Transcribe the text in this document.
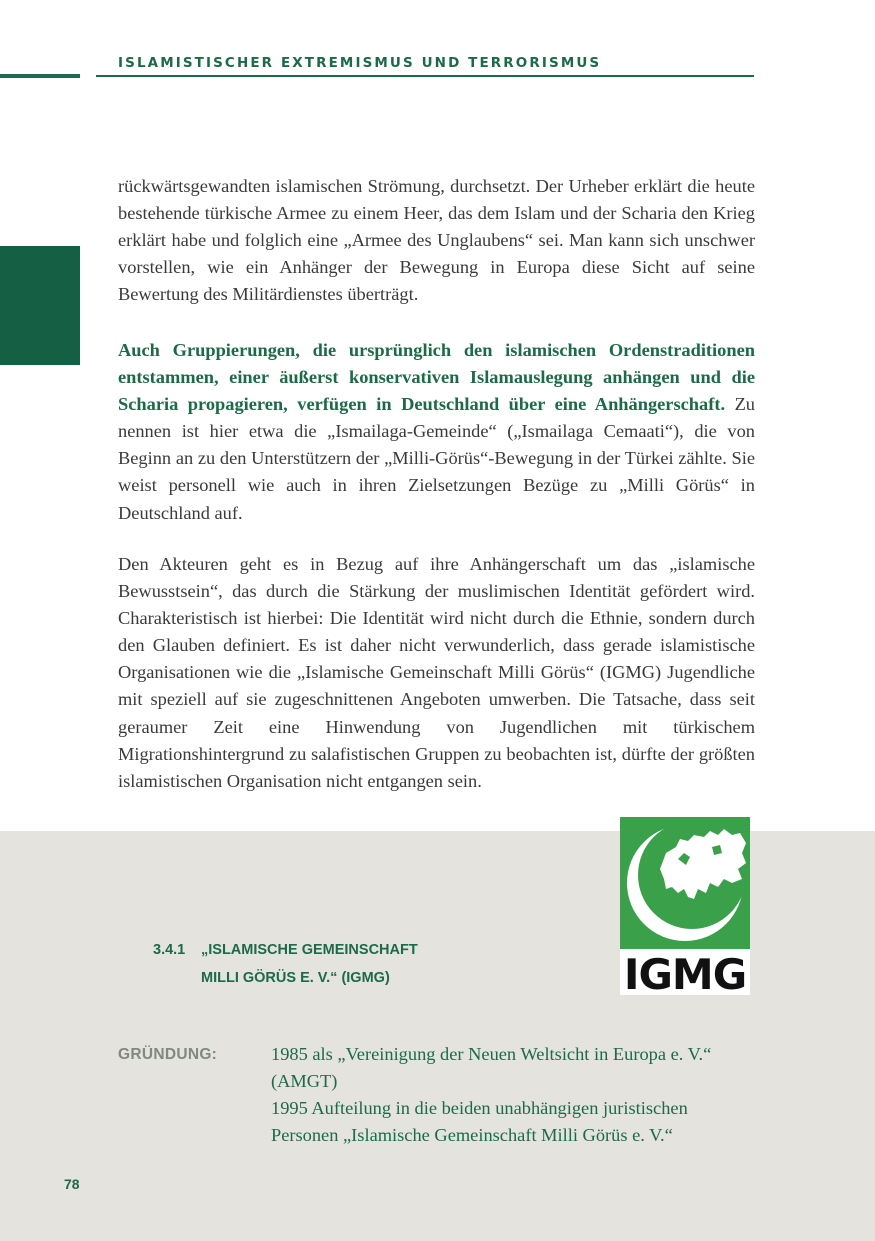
ISLAMISTISCHER EXTREMISMUS UND TERRORISMUS

rückwärtsgewandten islamischen Strömung, durchsetzt. Der Urheber erklärt die heute bestehende türkische Armee zu einem Heer, das dem Islam und der Scharia den Krieg erklärt habe und folglich eine „Armee des Unglaubens“ sei. Man kann sich unschwer vorstellen, wie ein Anhänger der Bewegung in Europa diese Sicht auf seine Bewertung des Militärdienstes überträgt.

Auch Gruppierungen, die ursprünglich den islamischen Ordenstraditionen entstammen, einer äußerst konservativen Islamauslegung anhängen und die Scharia propagieren, verfügen in Deutschland über eine Anhängerschaft. Zu nennen ist hier etwa die „Ismailaga-Gemeinde“ („Ismailaga Cemaati“), die von Beginn an zu den Unterstützern der „Milli-Görüs“-Bewegung in der Türkei zählte. Sie weist personell wie auch in ihren Zielsetzungen Bezüge zu „Milli Görüs“ in Deutschland auf.

Den Akteuren geht es in Bezug auf ihre Anhängerschaft um das „islamische Bewusstsein“, das durch die Stärkung der muslimischen Identität gefördert wird. Charakteristisch ist hierbei: Die Identität wird nicht durch die Ethnie, sondern durch den Glauben definiert. Es ist daher nicht verwunderlich, dass gerade islamistische Organisationen wie die „Islamische Gemeinschaft Milli Görüs“ (IGMG) Jugendliche mit speziell auf sie zugeschnittenen Angeboten umwerben. Die Tatsache, dass seit geraumer Zeit eine Hinwendung von Jugendlichen mit türkischem Migrationshintergrund zu salafistischen Gruppen zu beobachten ist, dürfte der größten islamistischen Organisation nicht entgangen sein.

IGMG
3.4.1 „ISLAMISCHE GEMEINSCHAFT
MILLI GÖRÜS E. V.“ (IGMG)
GRÜNDUNG:	1985 als „Vereinigung der Neuen Weltsicht in Europa e. V.“
(AMGT)
1995 Aufteilung in die beiden unabhängigen juristischen
Personen „Islamische Gemeinschaft Milli Görüs e. V.“
78
